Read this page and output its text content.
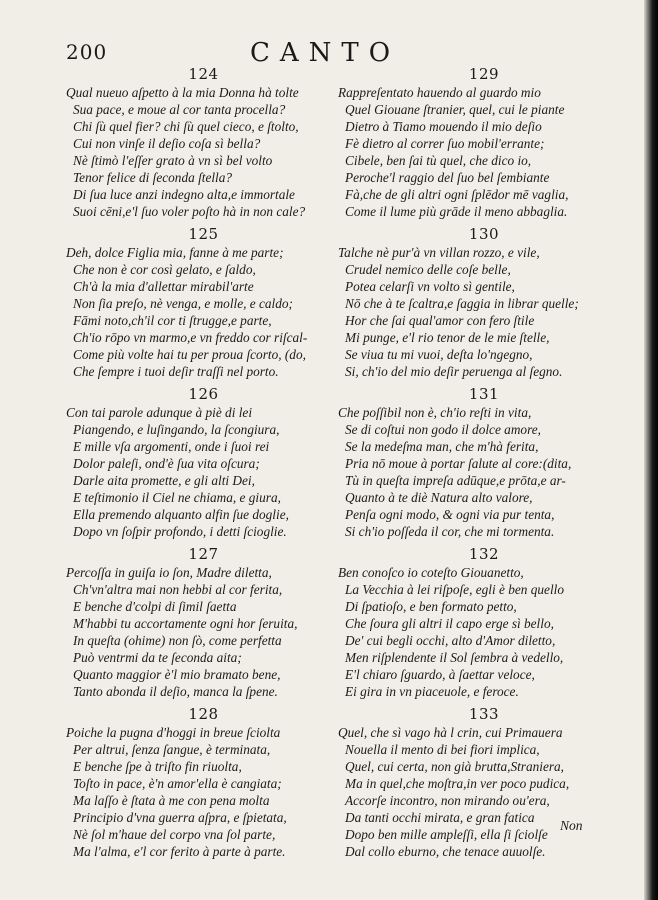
200	CANTO
124
Qual nueuo aſpetto à la mia Donna hà tolte
Sua pace, e moue al cor tanta procella?
Chi ſù quel fier? chi ſù quel cieco, e ſtolto,
Cui non vinſe il deſio coſa sì bella?
Nè ſtimò l'eſſer grato à vn sì bel volto
Tenor felice di ſeconda ſtella?
Di ſua luce anzi indegno alta,e immortale
Suoi cēni,e'l ſuo voler poſto hà in non cale?
125
Deh, dolce Figlia mia, fanne à me parte;
Che non è cor così gelato, e ſaldo,
Ch'à la mia d'allettar mirabil'arte
Non ſia preſo, nè venga, e molle, e caldo;
Fāmi noto,ch'il cor ti ſtrugge,e parte,
Ch'io rōpo vn marmo,e vn freddo cor riſcal-
Come più volte hai tu per proua ſcorto, (do,
Che ſempre i tuoi deſir traſſi nel porto.
126
Con tai parole adunque à piè di lei
Piangendo, e luſingando, la ſcongiura,
E mille vſa argomenti, onde i ſuoi rei
Dolor paleſi, ond'è ſua vita oſcura;
Darle aita promette, e gli alti Dei,
E teſtimonio il Ciel ne chiama, e giura,
Ella premendo alquanto alfin ſue doglie,
Dopo vn ſoſpir profondo, i detti ſcioglie.
127
Percoſſa in guiſa io ſon, Madre diletta,
Ch'vn'altra mai non hebbi al cor ferita,
E benche d'colpi di ſimil ſaetta
M'habbi tu accortamente ogni hor ſeruita,
In queſta (ohime) non ſò, come perfetta
Può ventrmi da te ſeconda aita;
Quanto maggior è'l mio bramato bene,
Tanto abonda il deſio, manca la ſpene.
128
Poiche la pugna d'hoggi in breue ſciolta
Per altrui, ſenza ſangue, è terminata,
E benche ſpe à triſto fin riuolta,
Toſto in pace, è'n amor'ella è cangiata;
Ma laſſo è ſtata à me con pena molta
Principio d'vna guerra aſpra, e ſpietata,
Nè ſol m'haue del corpo vna ſol parte,
Ma l'alma, e'l cor ferito à parte à parte.
129
Rappreſentato hauendo al guardo mio
Quel Giouane ſtranier, quel, cui le piante
Dietro à Tiamo mouendo il mio deſio
Fè dietro al correr ſuo mobil'errante;
Cibele, ben ſai tù quel, che dico io,
Peroche'l raggio del ſuo bel ſembiante
Fà,che de gli altri ogni ſplēdor mē vaglia,
Come il lume più grāde il meno abbaglia.
130
Talche nè pur'à vn villan rozzo, e vile,
Crudel nemico delle coſe belle,
Potea celarſi vn volto sì gentile,
Nō che à te ſcaltra,e ſaggia in librar quelle;
Hor che ſai qual'amor con fero ſtile
Mi punge, e'l rio tenor de le mie ſtelle,
Se viua tu mi vuoi, deſta lo'ngegno,
Si, ch'io del mio deſir peruenga al ſegno.
131
Che poſſibil non è, ch'io reſti in vita,
Se di coſtui non godo il dolce amore,
Se la medeſma man, che m'hà ferita,
Pria nō moue à portar ſalute al core:(dita,
Tù in queſta impreſa adūque,e prōta,e ar-
Quanto à te diè Natura alto valore,
Penſa ogni modo, & ogni via pur tenta,
Si ch'io poſſeda il cor, che mi tormenta.
132
Ben conoſco io coteſto Giouanetto,
La Vecchia à lei riſpoſe, egli è ben quello
Di ſpatioſo, e ben formato petto,
Che ſoura gli altri il capo erge sì bello,
De' cui begli occhi, alto d'Amor diletto,
Men riſplendente il Sol ſembra à vedello,
E'l chiaro ſguardo, à ſaettar veloce,
Ei gira in vn piaceuole, e feroce.
133
Quel, che sì vago hà l crin, cui Primauera
Nouella il mento di bei fiori implica,
Quel, cui certa, non già brutta,Straniera,
Ma in quel,che moſtra,in ver poco pudica,
Accorſe incontro, non mirando ou'era,
Da tanti occhi mirata, e gran fatica
Dopo ben mille ampleſſi, ella ſi ſciolſe
Dal collo eburno, che tenace auuolſe.
Non
